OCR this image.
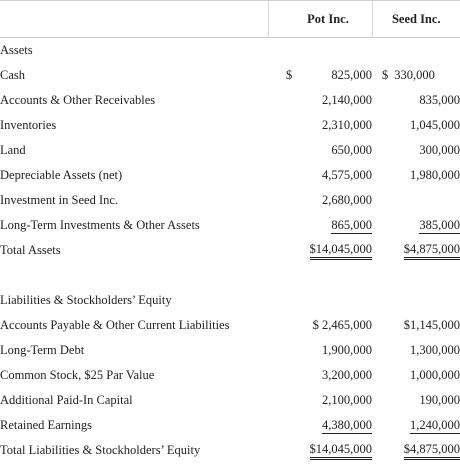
	Pot Inc.	Seed Inc.
Assets		
Cash	$ 825,000	$ 330,000

Accounts & Other Receivables	2,140,000	835,000
Inventories	2,310,000	1,045,000
Land	650,000	300,000
Depreciable Assets (net)	4,575,000	1,980,000
Investment in Seed Inc.	2,680,000	
Long-Term Investments & Other Assets	865,000	385,000
Total Assets	$14,045,000	$4,875,000

Liabilities & Stockholders’ Equity		
Accounts Payable & Other Current Liabilities	$ 2,465,000	$1,145,000
Long-Term Debt	1,900,000	1,300,000
Common Stock, $25 Par Value	3,200,000	1,000,000
Additional Paid-In Capital	2,100,000	190,000
Retained Earnings	4,380,000	1,240,000
Total Liabilities & Stockholders’ Equity	$14,045,000	$4,875,000
